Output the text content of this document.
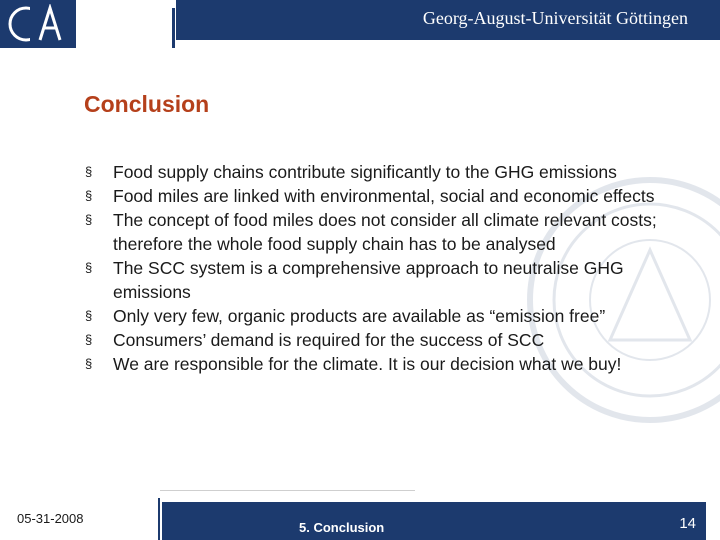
Georg-August-Universität Göttingen
Conclusion
§ Food supply chains contribute significantly to the GHG emissions
§ Food miles are linked with environmental, social and economic effects
§ The concept of food miles does not consider all climate relevant costs; therefore the whole food supply chain has to be analysed
§ The SCC system is a comprehensive approach to neutralise GHG emissions
§ Only very few, organic products are available as “emission free”
§ Consumers’ demand is required for the success of SCC
§ We are responsible for the climate. It is our decision what we buy!
05-31-2008
5. Conclusion	14
